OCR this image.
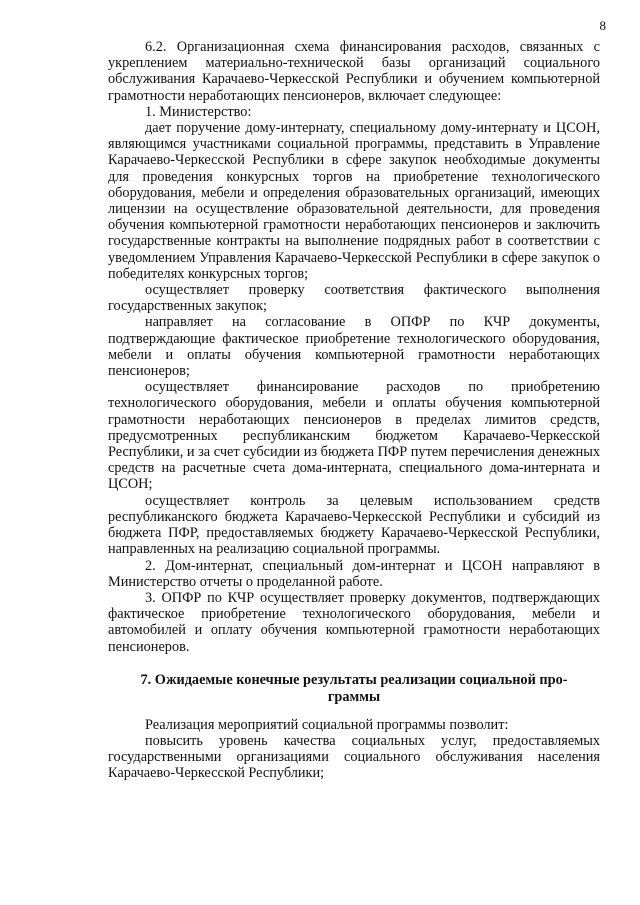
8

6.2. Организационная схема финансирования расходов, связанных с укреплением материально-технической базы организаций социального обслуживания Карачаево-Черкесской Республики и обучением компьютерной грамотности неработающих пенсионеров, включает следующее:

1. Министерство:

дает поручение дому-интернату, специальному дому-интернату и ЦСОН, являющимся участниками социальной программы, представить в Управление Карачаево-Черкесской Республики в сфере закупок необходимые документы для проведения конкурсных торгов на приобретение технологического оборудования, мебели и определения образовательных организаций, имеющих лицензии на осуществление образовательной деятельности, для проведения обучения компьютерной грамотности неработающих пенсионеров и заключить государственные контракты на выполнение подрядных работ в соответствии с уведомлением Управления Карачаево-Черкесской Республики в сфере закупок о победителях конкурсных торгов;

осуществляет проверку соответствия фактического выполнения государственных закупок;

направляет на согласование в ОПФР по КЧР документы, подтверждающие фактическое приобретение технологического оборудования, мебели и оплаты обучения компьютерной грамотности неработающих пенсионеров;

осуществляет финансирование расходов по приобретению технологического оборудования, мебели и оплаты обучения компьютерной грамотности неработающих пенсионеров в пределах лимитов средств, предусмотренных республиканским бюджетом Карачаево-Черкесской Республики, и за счет субсидии из бюджета ПФР путем перечисления денежных средств на расчетные счета дома-интерната, специального дома-интерната и ЦСОН;

осуществляет контроль за целевым использованием средств республиканского бюджета Карачаево-Черкесской Республики и субсидий из бюджета ПФР, предоставляемых бюджету Карачаево-Черкесской Республики, направленных на реализацию социальной программы.

2. Дом-интернат, специальный дом-интернат и ЦСОН направляют в Министерство отчеты о проделанной работе.

3. ОПФР по КЧР осуществляет проверку документов, подтверждающих фактическое приобретение технологического оборудования, мебели и автомобилей и оплату обучения компьютерной грамотности неработающих пенсионеров.

7. Ожидаемые конечные результаты реализации социальной про-
граммы

Реализация мероприятий социальной программы позволит:

повысить уровень качества социальных услуг, предоставляемых государственными организациями социального обслуживания населения Карачаево-Черкесской Республики;
